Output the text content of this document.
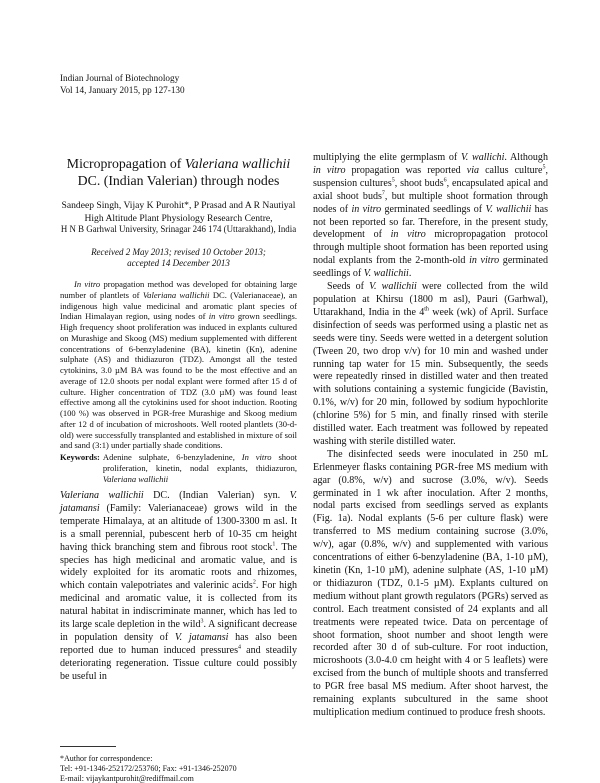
Indian Journal of Biotechnology
Vol 14, January 2015, pp 127-130
Micropropagation of Valeriana wallichii DC. (Indian Valerian) through nodes
Sandeep Singh, Vijay K Purohit*, P Prasad and A R Nautiyal
High Altitude Plant Physiology Research Centre,
H N B Garhwal University, Srinagar 246 174 (Uttarakhand), India
Received 2 May 2013; revised 10 October 2013;
accepted 14 December 2013

In vitro propagation method was developed for obtaining large number of plantlets of Valeriana wallichii DC. (Valerianaceae), an indigenous high value medicinal and aromatic plant species of Indian Himalayan region, using nodes of in vitro grown seedlings. High frequency shoot proliferation was induced in explants cultured on Murashige and Skoog (MS) medium supplemented with different concentrations of 6-benzyladenine (BA), kinetin (Kn), adenine sulphate (AS) and thidiazuron (TDZ). Amongst all the tested cytokinins, 3.0 µM BA was found to be the most effective and an average of 12.0 shoots per nodal explant were formed after 15 d of culture. Higher concentration of TDZ (3.0 µM) was found least effective among all the cytokinins used for shoot induction. Rooting (100 %) was observed in PGR-free Murashige and Skoog medium after 12 d of incubation of microshoots. Well rooted plantlets (30-d-old) were successfully transplanted and established in mixture of soil and sand (3:1) under partially shade conditions.

Keywords: Adenine sulphate, 6-benzyladenine, In vitro shoot proliferation, kinetin, nodal explants, thidiazuron, Valeriana wallichii

Valeriana wallichii DC. (Indian Valerian) syn. V. jatamansi (Family: Valerianaceae) grows wild in the temperate Himalaya, at an altitude of 1300-3300 m asl. It is a small perennial, pubescent herb of 10-35 cm height having thick branching stem and fibrous root stock$^1$. The species has high medicinal and aromatic value, and is widely exploited for its aromatic roots and rhizomes, which contain valepotriates and valerinic acids$^2$. For high medicinal and aromatic value, it is collected from its natural habitat in indiscriminate manner, which has led to its large scale depletion in the wild$^3$. A significant decrease in population density of V. jatamansi has also been reported due to human induced pressures$^4$ and steadily deteriorating regeneration. Tissue culture could possibly be useful in

*Author for correspondence:
Tel: +91-1346-252172/253760; Fax: +91-1346-252070
E-mail: vijaykantpurohit@rediffmail.com

multiplying the elite germplasm of V. wallichi. Although in vitro propagation was reported via callus culture$^5$, suspension cultures$^5$, shoot buds$^6$, encapsulated apical and axial shoot buds$^7$, but multiple shoot formation through nodes of in vitro germinated seedlings of V. wallichii has not been reported so far. Therefore, in the present study, development of in vitro micropropagation protocol through multiple shoot formation has been reported using nodal explants from the 2-month-old in vitro germinated seedlings of V. wallichii.

Seeds of V. wallichii were collected from the wild population at Khirsu (1800 m asl), Pauri (Garhwal), Uttarakhand, India in the 4th week (wk) of April. Surface disinfection of seeds was performed using a plastic net as seeds were tiny. Seeds were wetted in a detergent solution (Tween 20, two drop v/v) for 10 min and washed under running tap water for 15 min. Subsequently, the seeds were repeatedly rinsed in distilled water and then treated with solutions containing a systemic fungicide (Bavistin, 0.1%, w/v) for 20 min, followed by sodium hypochlorite (chlorine 5%) for 5 min, and finally rinsed with sterile distilled water. Each treatment was followed by repeated washing with sterile distilled water.

The disinfected seeds were inoculated in 250 mL Erlenmeyer flasks containing PGR-free MS medium with agar (0.8%, w/v) and sucrose (3.0%, w/v). Seeds germinated in 1 wk after inoculation. After 2 months, nodal parts excised from seedlings served as explants (Fig. 1a). Nodal explants (5-6 per culture flask) were transferred to MS medium containing sucrose (3.0%, w/v), agar (0.8%, w/v) and supplemented with various concentrations of either 6-benzyladenine (BA, 1-10 µM), kinetin (Kn, 1-10 µM), adenine sulphate (AS, 1-10 µM) or thidiazuron (TDZ, 0.1-5 µM). Explants cultured on medium without plant growth regulators (PGRs) served as control. Each treatment consisted of 24 explants and all treatments were repeated twice. Data on percentage of shoot formation, shoot number and shoot length were recorded after 30 d of sub-culture. For root induction, microshoots (3.0-4.0 cm height with 4 or 5 leaflets) were excised from the bunch of multiple shoots and transferred to PGR free basal MS medium. After shoot harvest, the remaining explants subcultured in the same shoot multiplication medium continued to produce fresh shoots.
